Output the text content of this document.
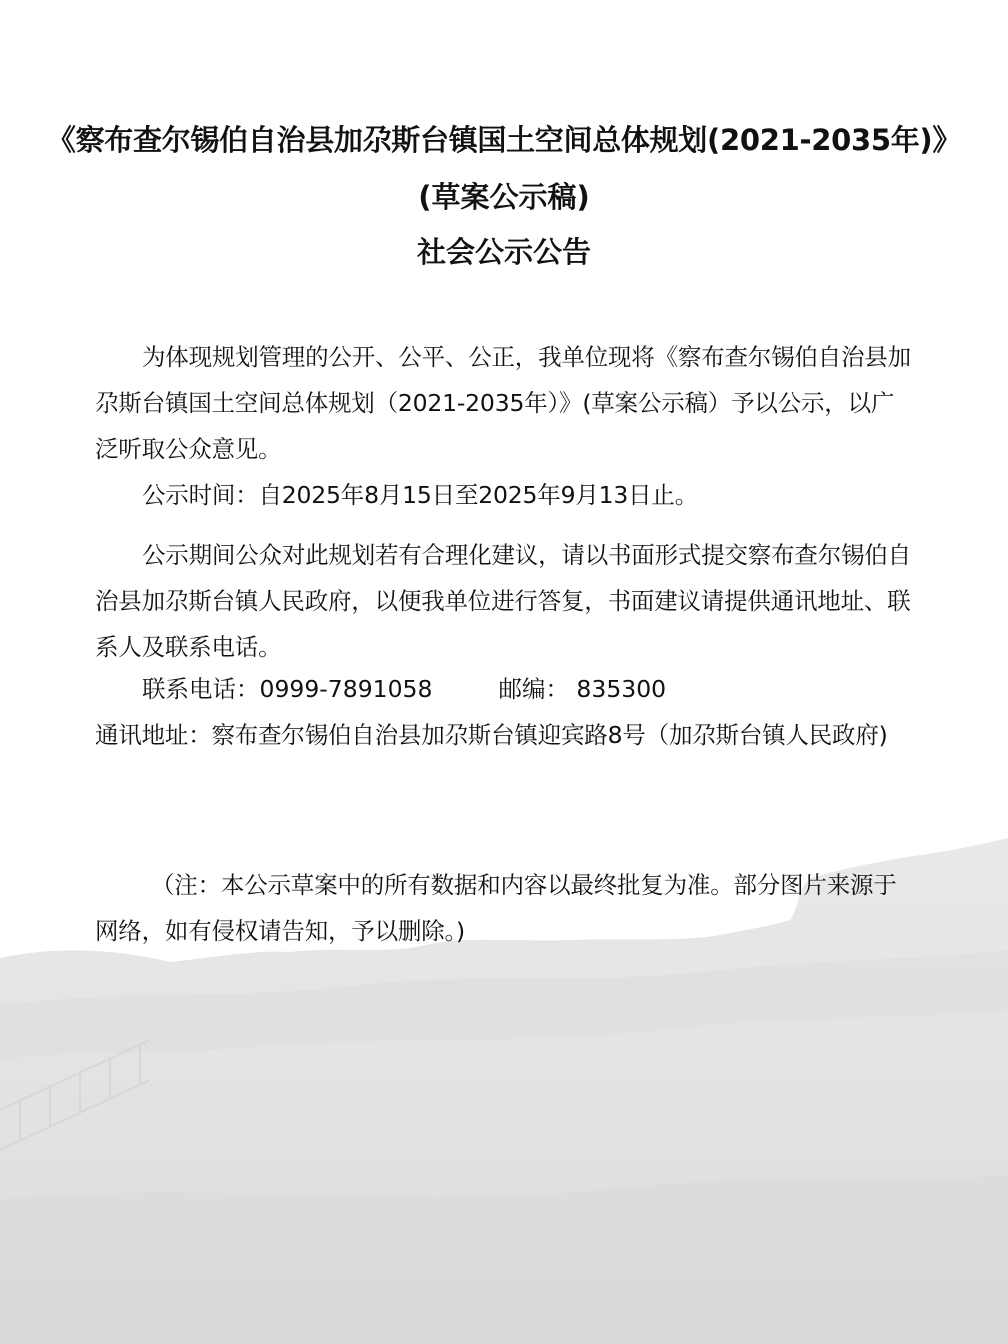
《察布查尔锡伯自治县加尕斯台镇国土空间总体规划(2021-2035年)》
(草案公示稿)
社会公示公告
为体现规划管理的公开、公平、公正，我单位现将《察布查尔锡伯自治县加尕斯台镇国土空间总体规划（2021-2035年）》(草案公示稿）予以公示，以广泛听取公众意见。
公示时间：自2025年8月15日至2025年9月13日止。
公示期间公众对此规划若有合理化建议，请以书面形式提交察布查尔锡伯自治县加尕斯台镇人民政府，以便我单位进行答复，书面建议请提供通讯地址、联系人及联系电话。
联系电话：0999-7891058	邮编： 835300
通讯地址：察布查尔锡伯自治县加尕斯台镇迎宾路8号（加尕斯台镇人民政府)
（注：本公示草案中的所有数据和内容以最终批复为准。部分图片来源于网络，如有侵权请告知，予以删除。)
